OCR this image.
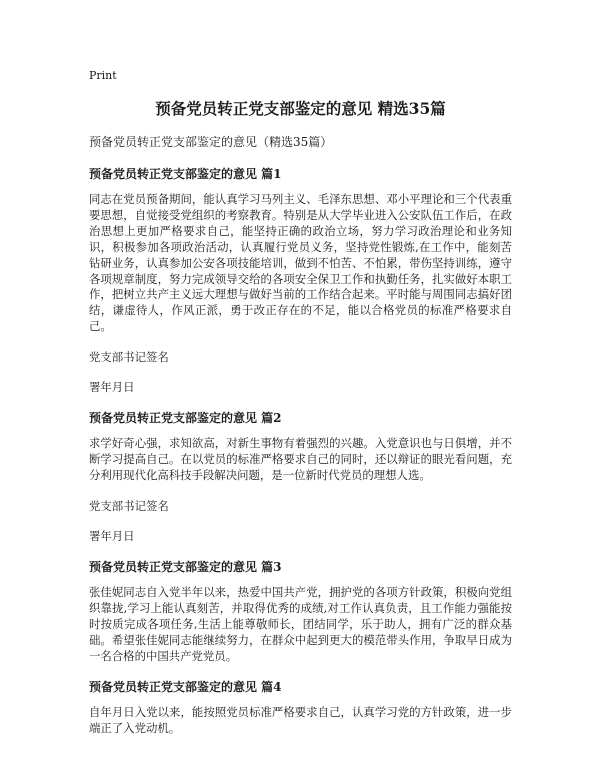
Print
预备党员转正党支部鉴定的意见 精选35篇
预备党员转正党支部鉴定的意见（精选35篇）
预备党员转正党支部鉴定的意见 篇1

同志在党员预备期间，能认真学习马列主义、毛泽东思想、邓小平理论和三个代表重要思想，自觉接受党组织的考察教育。特别是从大学毕业进入公安队伍工作后，在政治思想上更加严格要求自己，能坚持正确的政治立场，努力学习政治理论和业务知识，积极参加各项政治活动，认真履行党员义务，坚持党性锻炼,在工作中，能刻苦钻研业务，认真参加公安各项技能培训，做到不怕苦、不怕累，带伤坚持训练，遵守各项规章制度，努力完成领导交给的各项安全保卫工作和执勤任务，扎实做好本职工作，把树立共产主义远大理想与做好当前的工作结合起来。平时能与周围同志搞好团结，谦虚待人，作风正派，勇于改正存在的不足，能以合格党员的标准严格要求自己。

党支部书记签名

署年月日

预备党员转正党支部鉴定的意见 篇2

求学好奇心强，求知欲高，对新生事物有着强烈的兴趣。入党意识也与日俱增，并不断学习提高自己。在以党员的标准严格要求自己的同时，还以辩证的眼光看问题，充分利用现代化高科技手段解决问题，是一位新时代党员的理想人选。

党支部书记签名

署年月日

预备党员转正党支部鉴定的意见 篇3

张佳妮同志自入党半年以来，热爱中国共产党，拥护党的各项方针政策，积极向党组织靠拢,学习上能认真刻苦，并取得优秀的成绩,对工作认真负责，且工作能力强能按时按质完成各项任务,生活上能尊敬师长，团结同学，乐于助人，拥有广泛的群众基础。希望张佳妮同志能继续努力，在群众中起到更大的模范带头作用，争取早日成为一名合格的中国共产党党员。

预备党员转正党支部鉴定的意见 篇4

自年月日入党以来，能按照党员标准严格要求自己，认真学习党的方针政策，进一步端正了入党动机。
